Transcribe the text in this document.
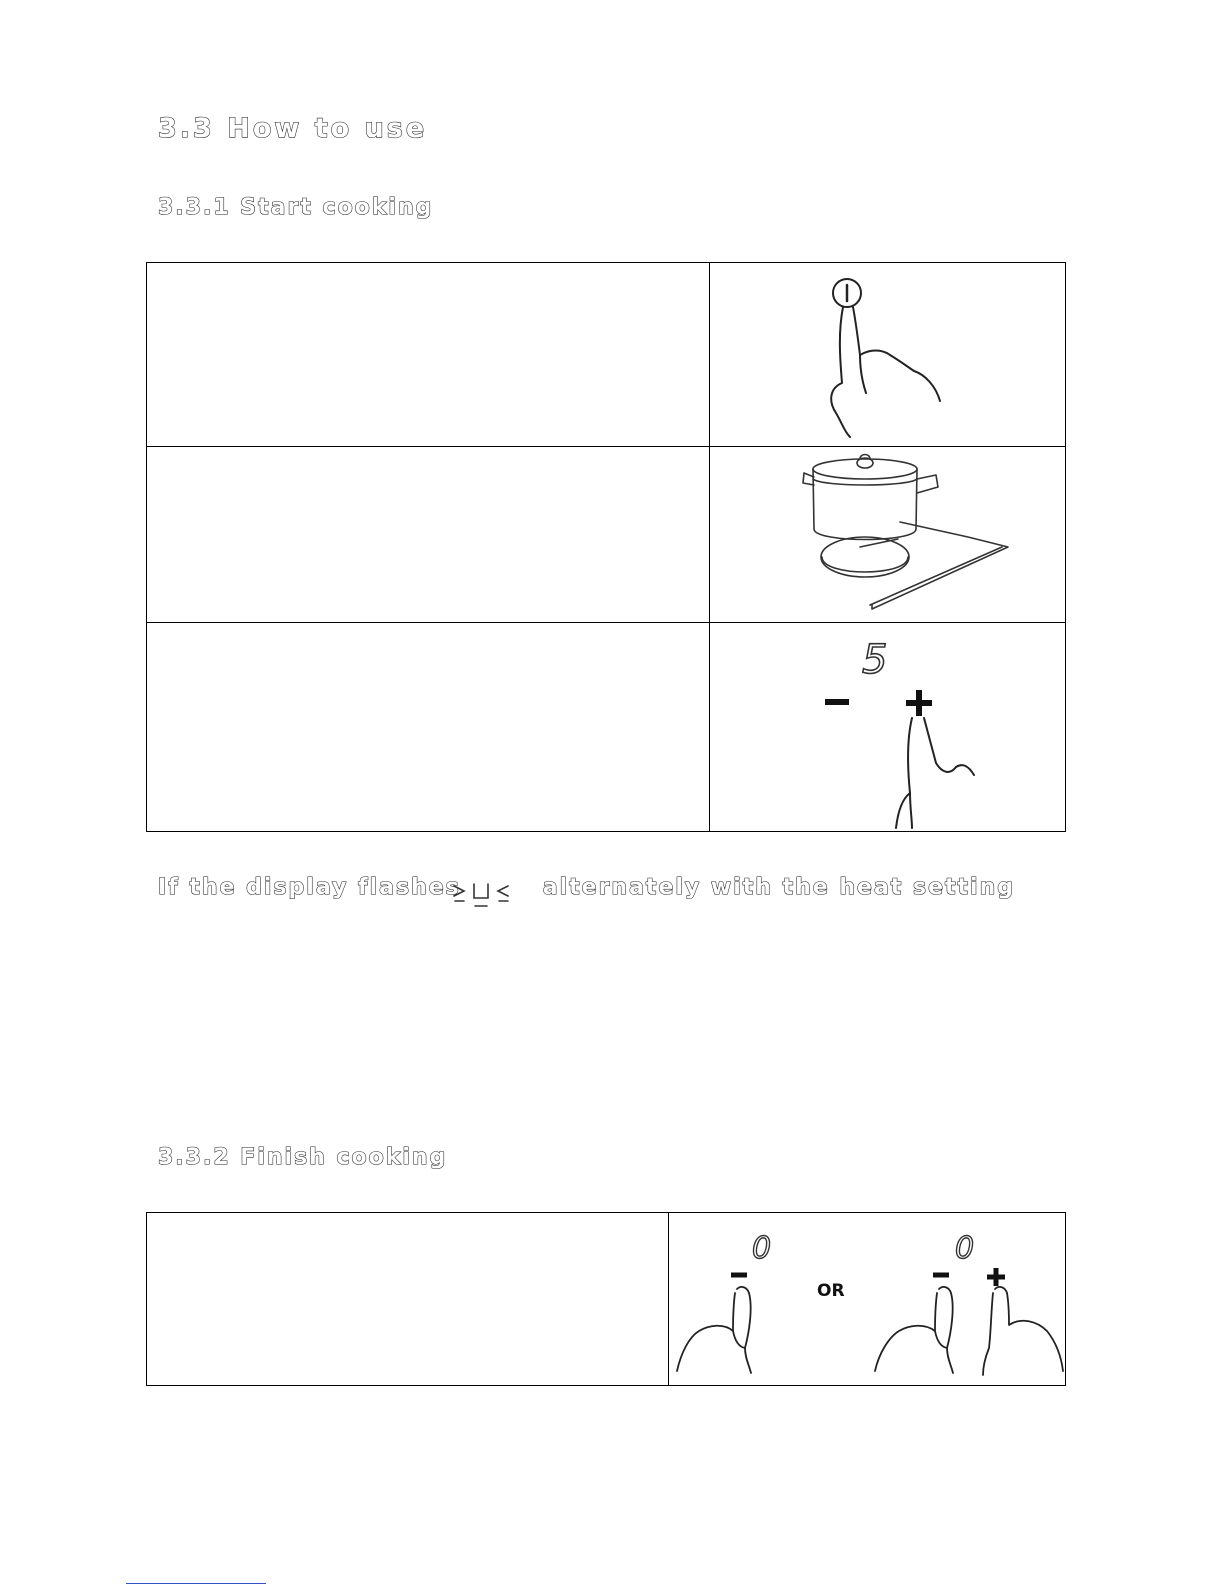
3.3 How to use
3.3.1 Start cooking
5

If the display flashes	alternately with the heat setting

3.3.2 Finish cooking
0
OR
0
